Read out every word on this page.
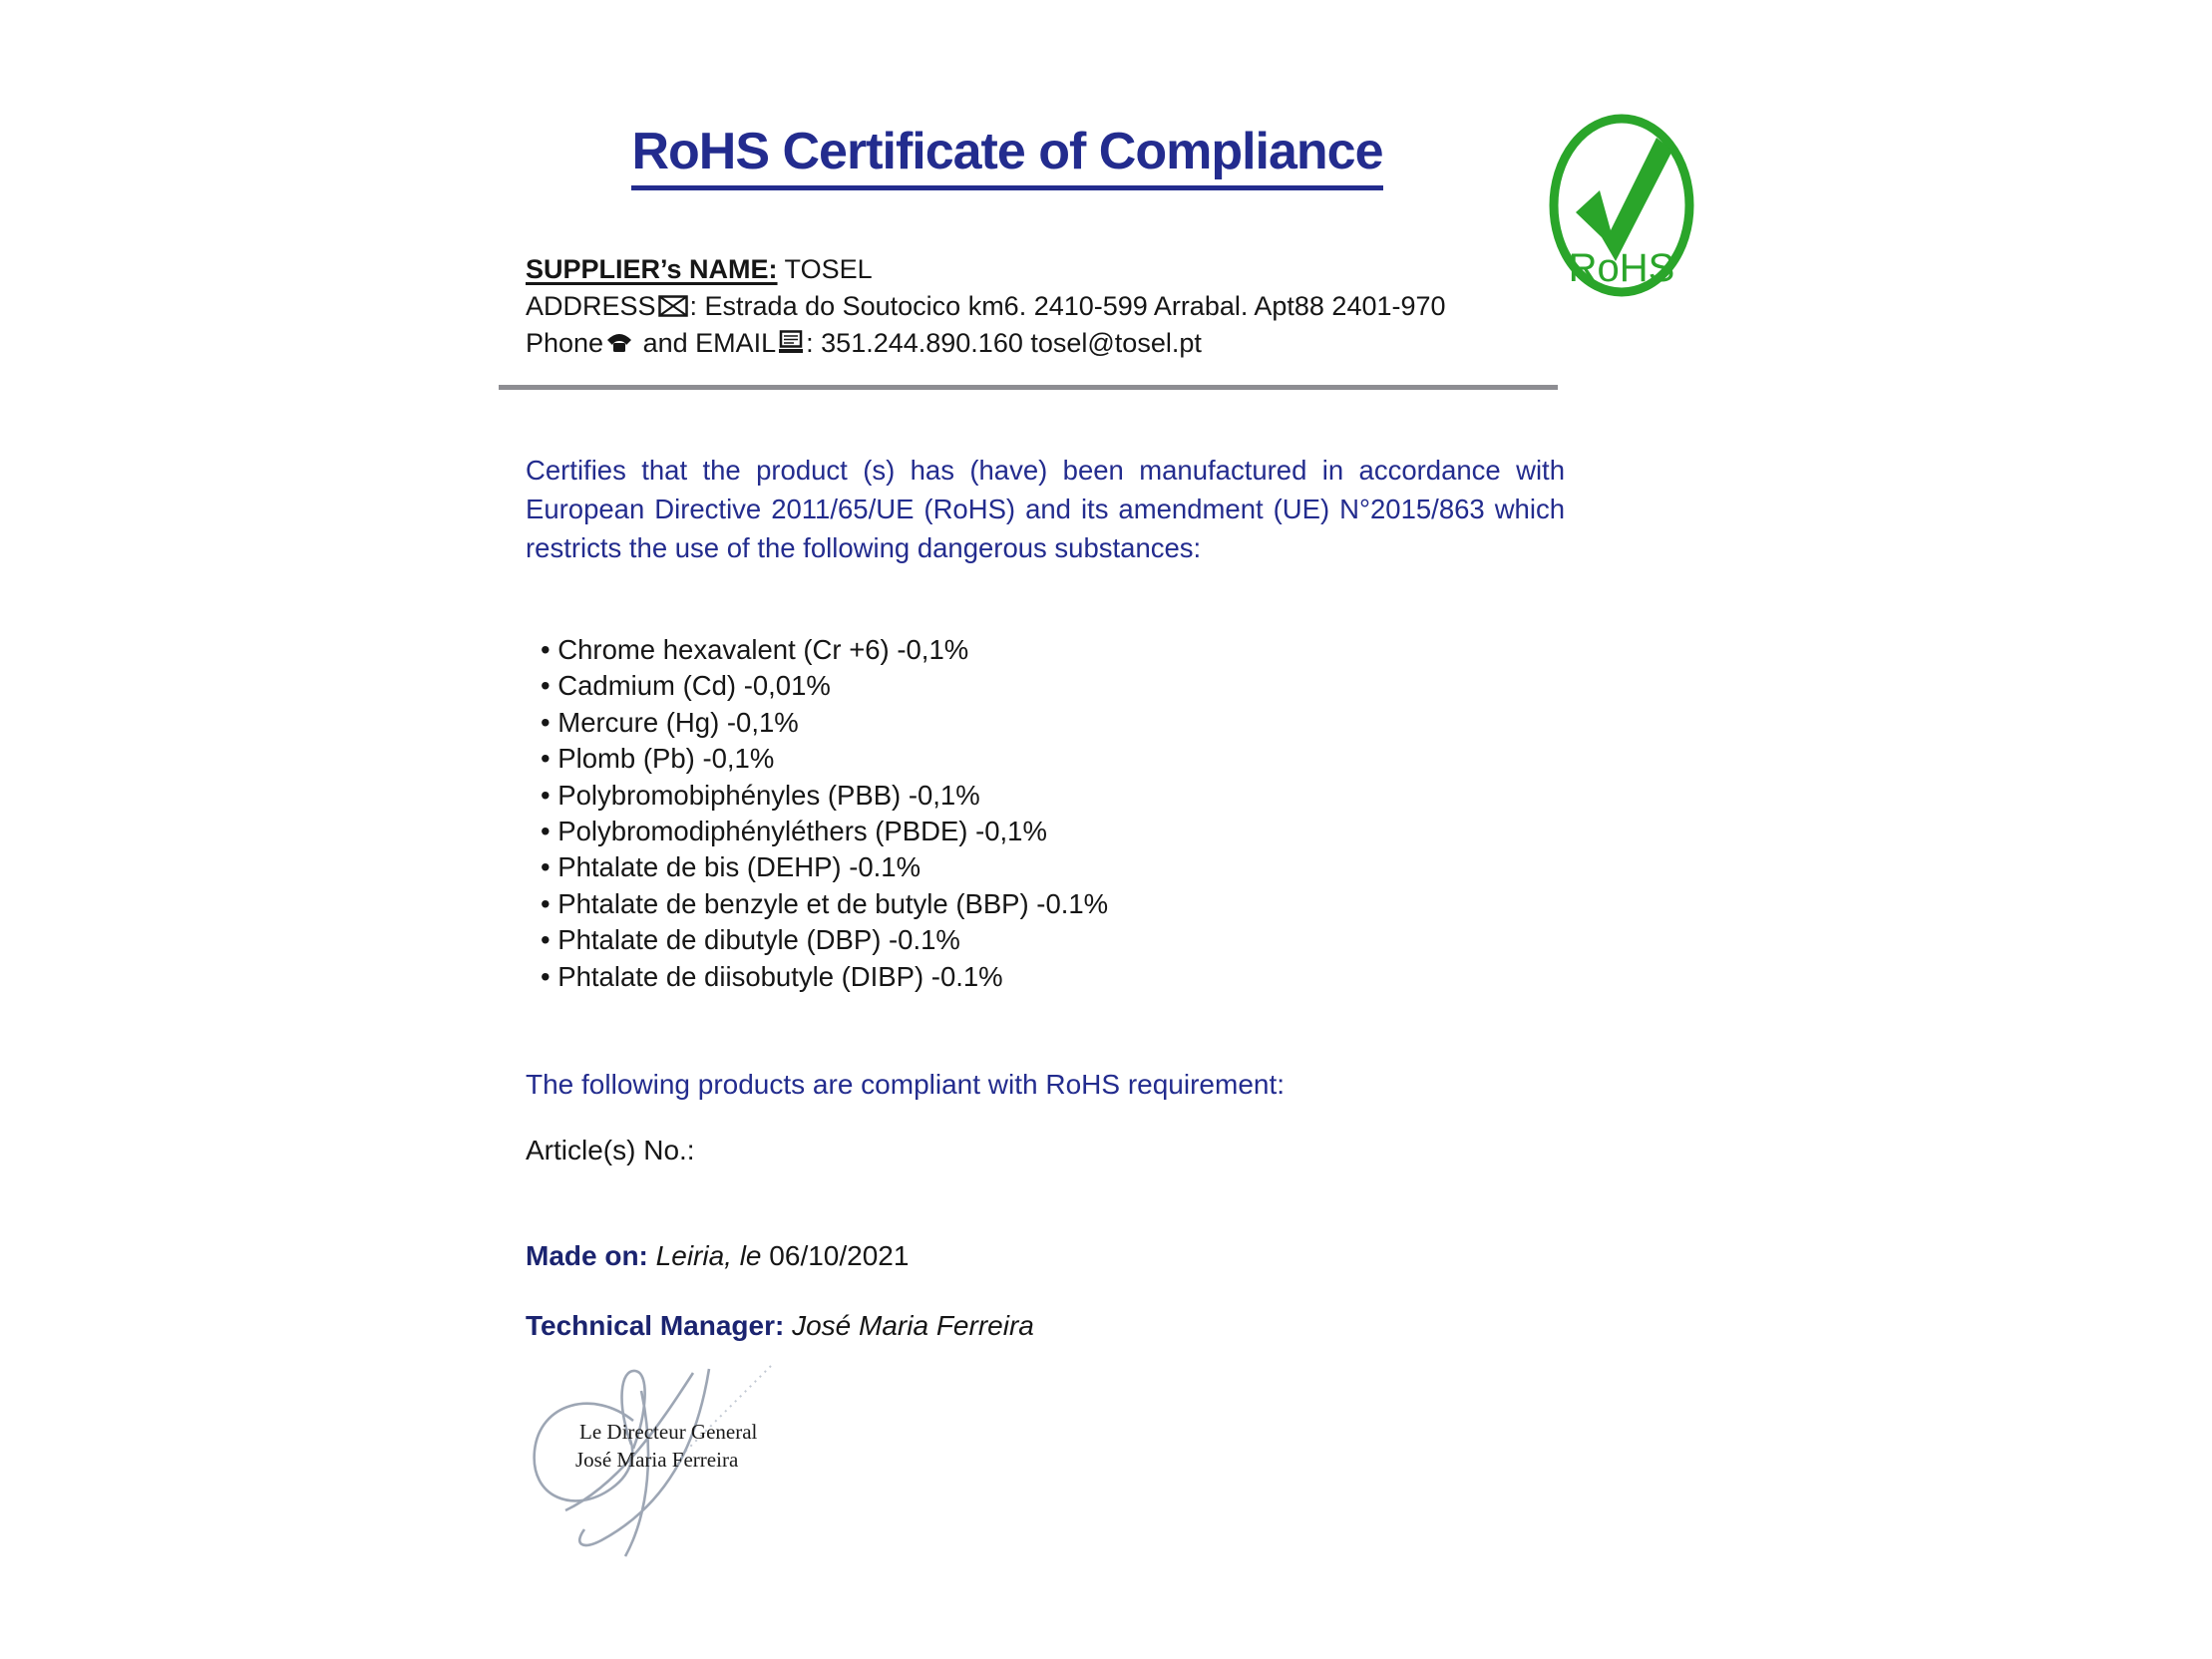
RoHS Certificate of Compliance
RoHS

SUPPLIER’s NAME: TOSEL

ADDRESS : Estrada do Soutocico km6. 2410-599 Arrabal. Apt88 2401-970

Phone and EMAIL : 351.244.890.160 tosel@tosel.pt

Certifies that the product (s) has (have) been manufactured in accordance with European Directive 2011/65/UE (RoHS) and its amendment (UE) N°2015/863 which restricts the use of the following dangerous substances:

• Chrome hexavalent (Cr +6) -0,1%
• Cadmium (Cd) -0,01%
• Mercure (Hg) -0,1%
• Plomb (Pb) -0,1%
• Polybromobiphényles (PBB) -0,1%
• Polybromodiphényléthers (PBDE) -0,1%
• Phtalate de bis (DEHP) -0.1%
• Phtalate de benzyle et de butyle (BBP) -0.1%
• Phtalate de dibutyle (DBP) -0.1%
• Phtalate de diisobutyle (DIBP) -0.1%

The following products are compliant with RoHS requirement:

Article(s) No.:

Made on: Leiria, le 06/10/2021

Technical Manager: José Maria Ferreira

Le Directeur General
José Maria Ferreira
